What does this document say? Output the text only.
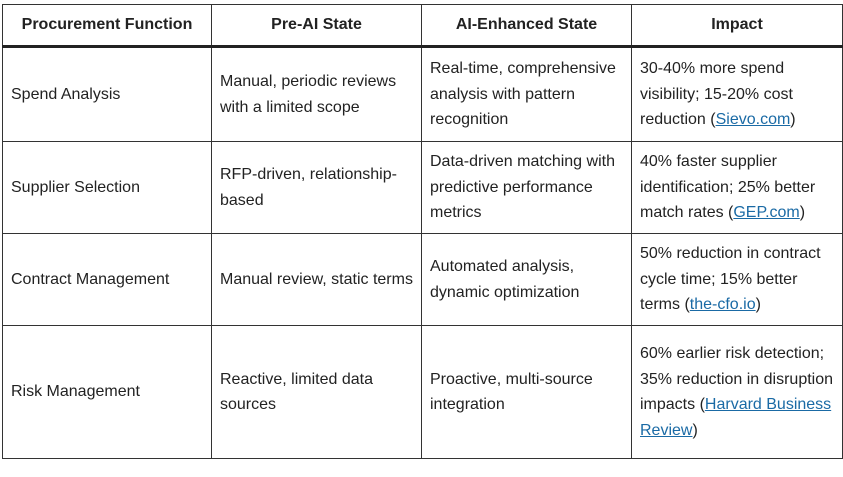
Procurement Function	Pre-AI State	AI-Enhanced State	Impact
Spend Analysis	Manual, periodic reviews with a limited scope	Real-time, comprehensive analysis with pattern recognition	30-40% more spend visibility; 15-20% cost reduction (Sievo.com)
Supplier Selection	RFP-driven, relationship-based	Data-driven matching with predictive performance metrics	40% faster supplier identification; 25% better match rates (GEP.com)
Contract Management	Manual review, static terms	Automated analysis, dynamic optimization	50% reduction in contract cycle time; 15% better terms (the-cfo.io)
Risk Management	Reactive, limited data sources	Proactive, multi-source integration	60% earlier risk detection; 35% reduction in disruption impacts (Harvard Business Review)
